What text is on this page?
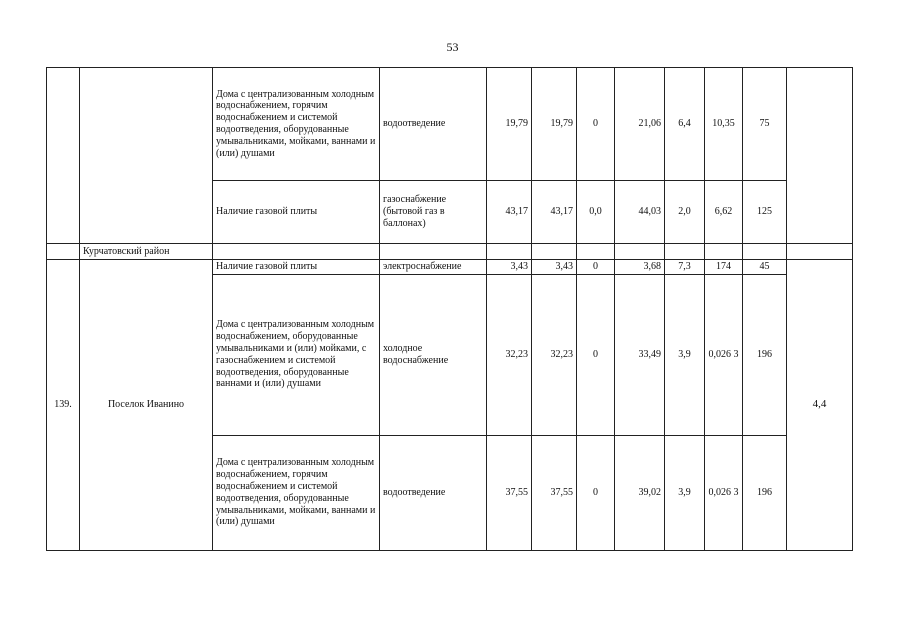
53
		Дома с централизованным холодным водоснабжением, горячим водоснабжением и системой водоотведения, оборудованные умывальниками, мойками, ваннами и (или) душами	водоотведение	19,79	19,79	0	21,06	6,4	10,35	75	
		Наличие газовой плиты	газоснабжение (бытовой газ в баллонах)	43,17	43,17	0,0	44,03	2,0	6,62	125	
	Курчатовский район										
139.	Поселок Иванино	Наличие газовой плиты	электроснабжение	3,43	3,43	0	3,68	7,3	174	45	4,4
		Дома с централизованным холодным водоснабжением, оборудованные умывальниками и (или) мойками, с газоснабжением и системой водоотведения, оборудованные ваннами и (или) душами	холодное водоснабжение	32,23	32,23	0	33,49	3,9	0,026 3	196	
		Дома с централизованным холодным водоснабжением, горячим водоснабжением и системой водоотведения, оборудованные умывальниками, мойками, ваннами и (или) душами	водоотведение	37,55	37,55	0	39,02	3,9	0,026 3	196	
